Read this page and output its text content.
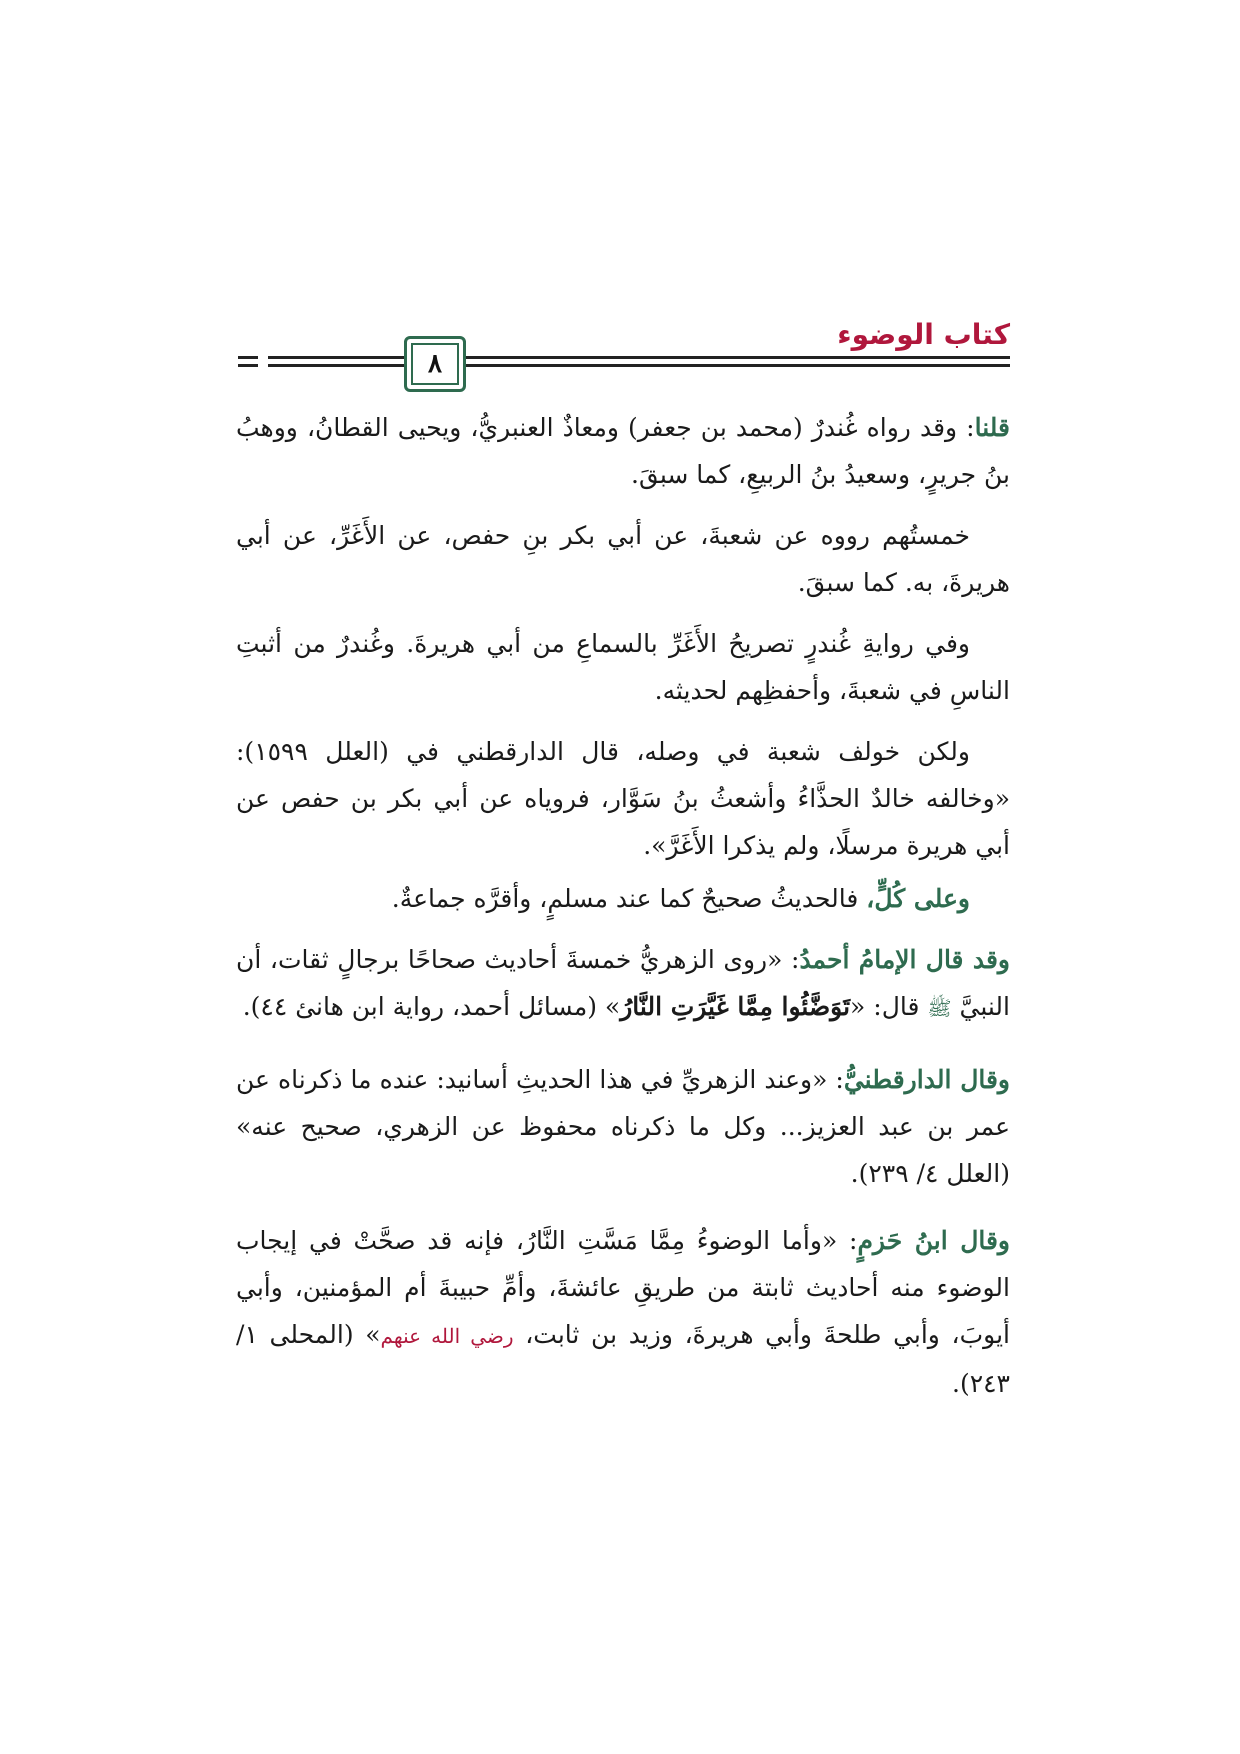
كتاب الوضوء
٨

قلنا: وقد رواه غُندرٌ (محمد بن جعفر) ومعاذٌ العنبريُّ، ويحيى القطانُ، ووهبُ بنُ جريرٍ، وسعيدُ بنُ الربيعِ، كما سبقَ.

خمستُهم رووه عن شعبةَ، عن أبي بكر بنِ حفص، عن الأَغَرِّ، عن أبي هريرةَ، به. كما سبقَ.

وفي روايةِ غُندرٍ تصريحُ الأَغَرِّ بالسماعِ من أبي هريرةَ. وغُندرٌ من أثبتِ الناسِ في شعبةَ، وأحفظِهم لحديثه.

ولكن خولف شعبة في وصله، قال الدارقطني في (العلل ١٥٩٩): «وخالفه خالدٌ الحذَّاءُ وأشعثُ بنُ سَوَّار، فروياه عن أبي بكر بن حفص عن أبي هريرة مرسلًا، ولم يذكرا الأَغَرَّ».

وعلى كُلٍّ، فالحديثُ صحيحٌ كما عند مسلمٍ، وأقرَّه جماعةٌ.

وقد قال الإمامُ أحمدُ: «روى الزهريُّ خمسةَ أحاديث صحاحًا برجالٍ ثقات، أن النبيَّ ﷺ قال: «تَوَضَّئُوا مِمَّا غَيَّرَتِ النَّارُ» (مسائل أحمد، رواية ابن هانئ ٤٤).

وقال الدارقطنيُّ: «وعند الزهريِّ في هذا الحديثِ أسانيد: عنده ما ذكرناه عن عمر بن عبد العزيز... وكل ما ذكرناه محفوظ عن الزهري، صحيح عنه» (العلل ٤/ ٢٣٩).

وقال ابنُ حَزمٍ: «وأما الوضوءُ مِمَّا مَسَّتِ النَّارُ، فإنه قد صحَّتْ في إيجاب الوضوء منه أحاديث ثابتة من طريقِ عائشةَ، وأمِّ حبيبةَ أم المؤمنين، وأبي أيوبَ، وأبي طلحةَ وأبي هريرةَ، وزيد بن ثابت، رضي الله عنهم» (المحلى ١/ ٢٤٣).
